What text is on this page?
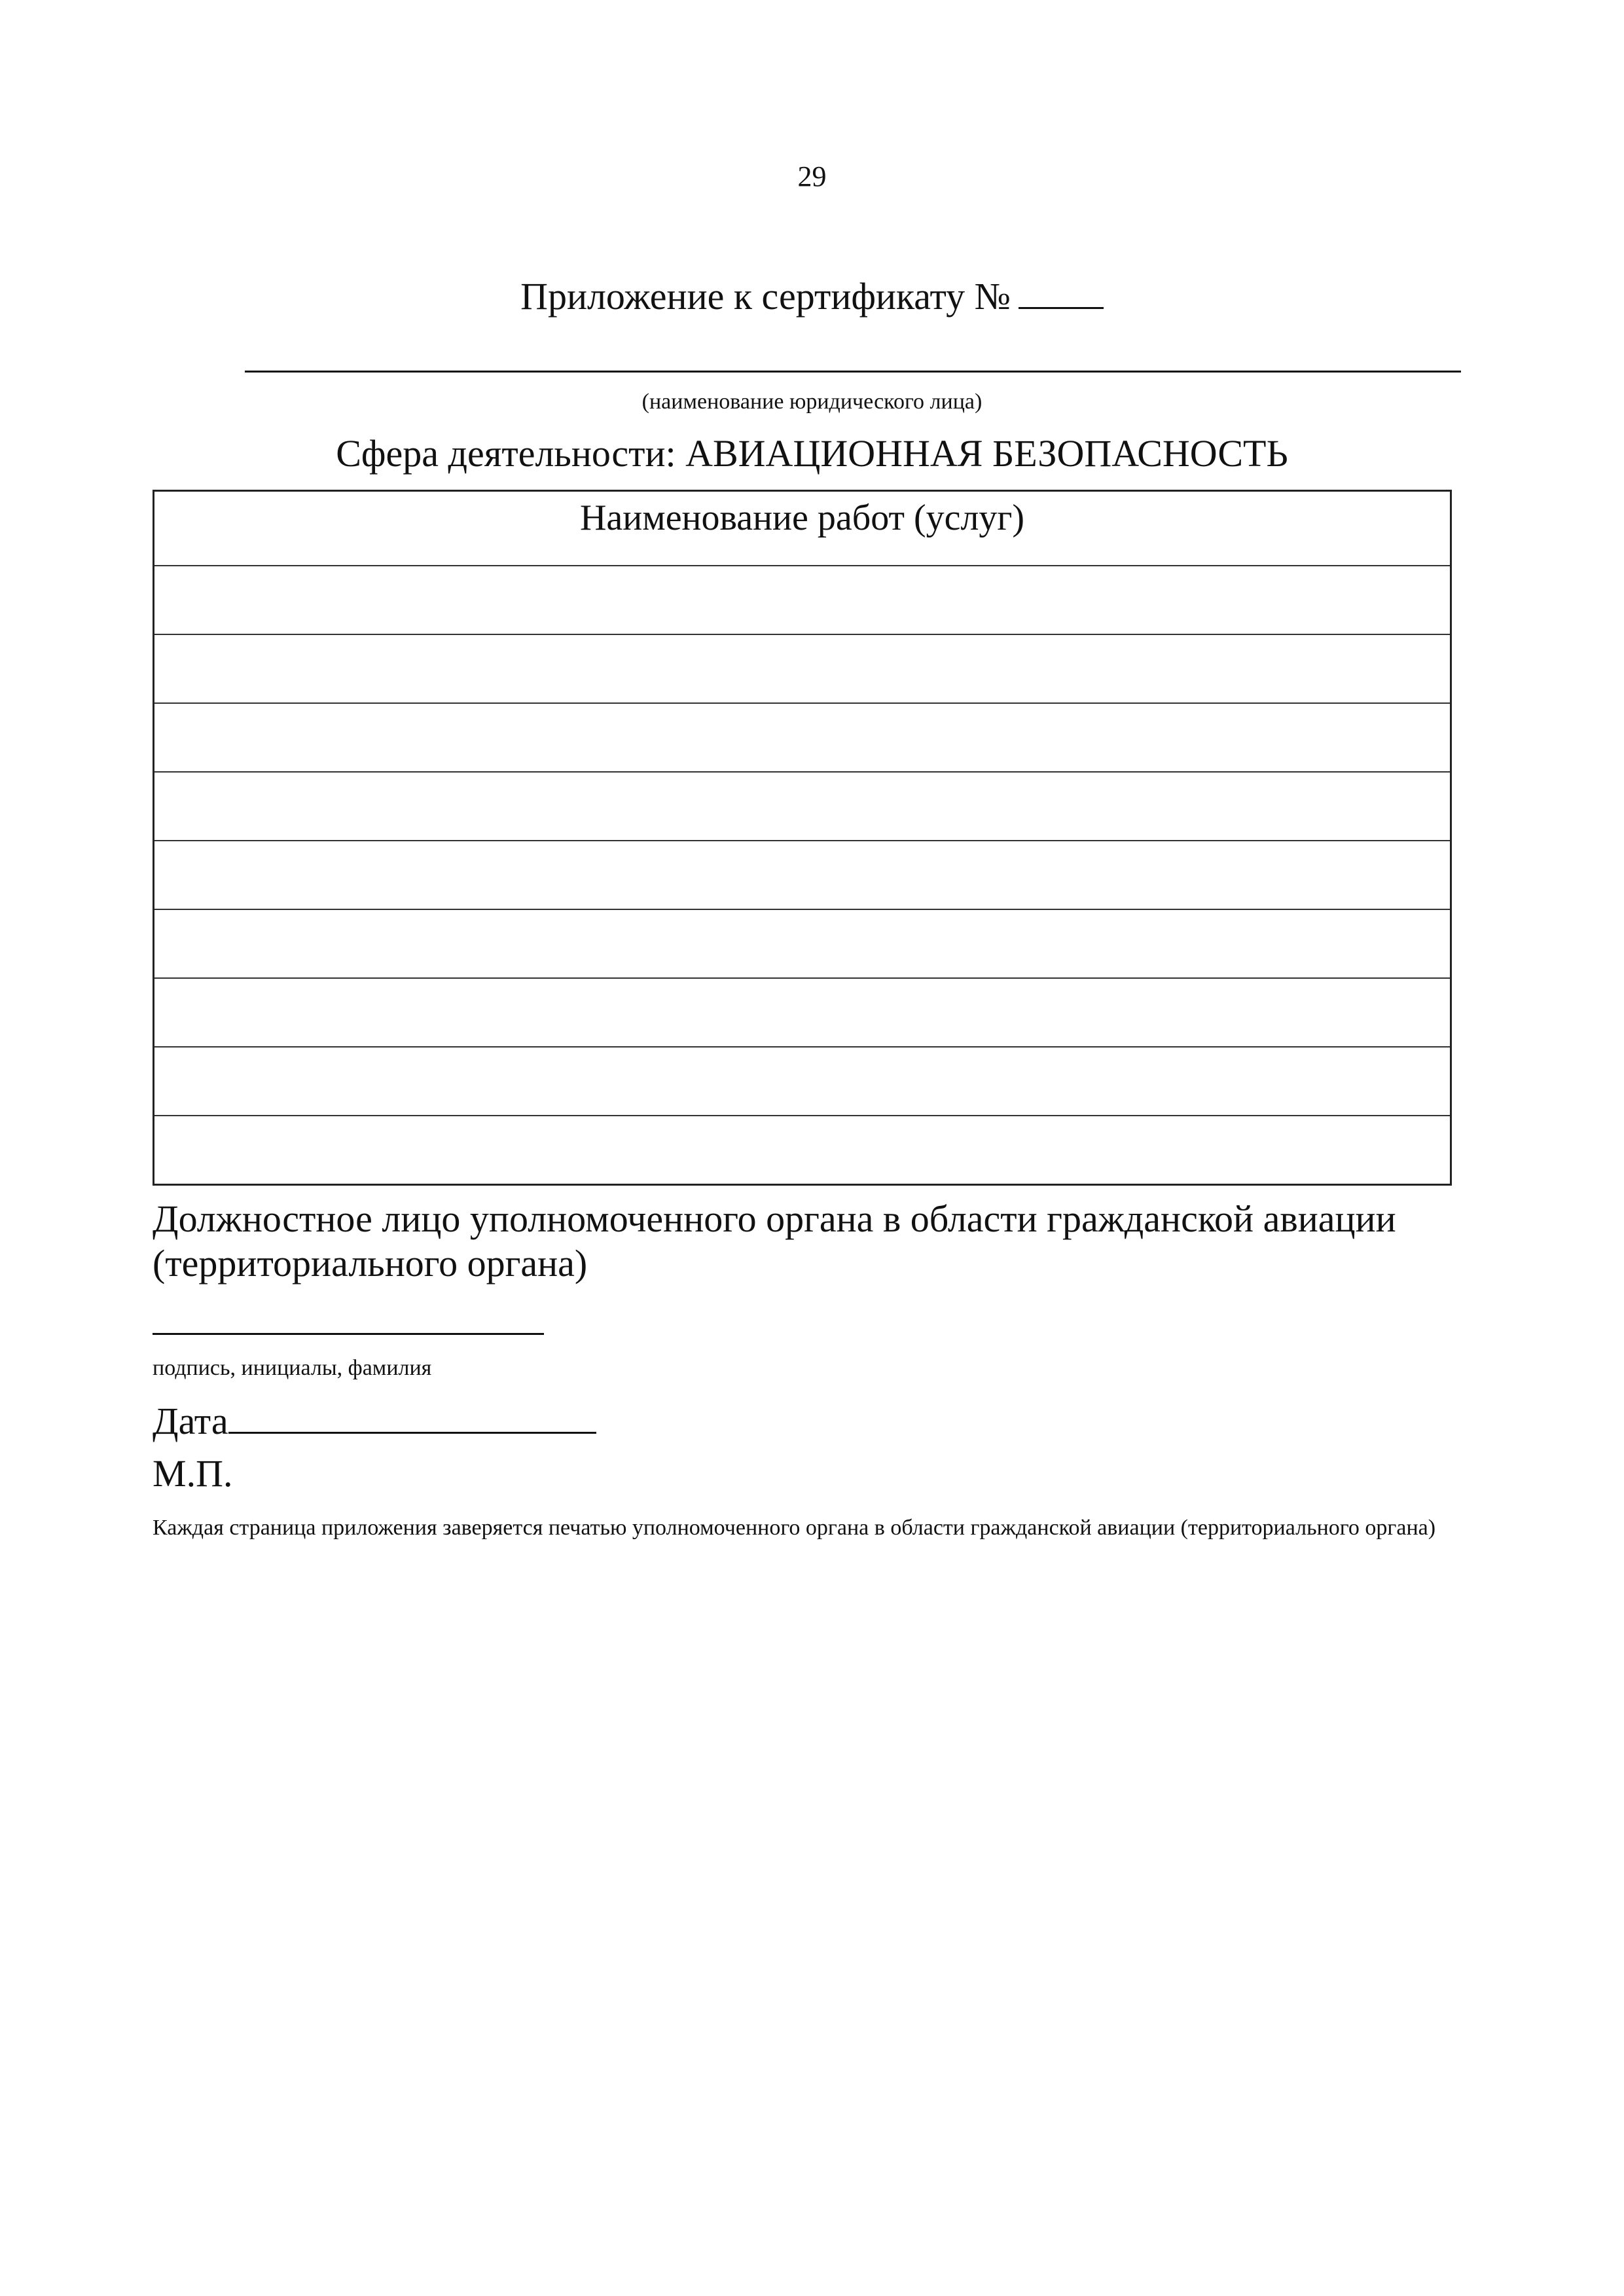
29
Приложение к сертификату №
(наименование юридического лица)
Сфера деятельности: АВИАЦИОННАЯ БЕЗОПАСНОСТЬ
Наименование работ (услуг)

Должностное лицо уполномоченного органа в области гражданской авиации (территориального органа)
подпись, инициалы, фамилия
Дата
М.П.
Каждая страница приложения заверяется печатью уполномоченного органа в области гражданской авиации (территориального органа)
